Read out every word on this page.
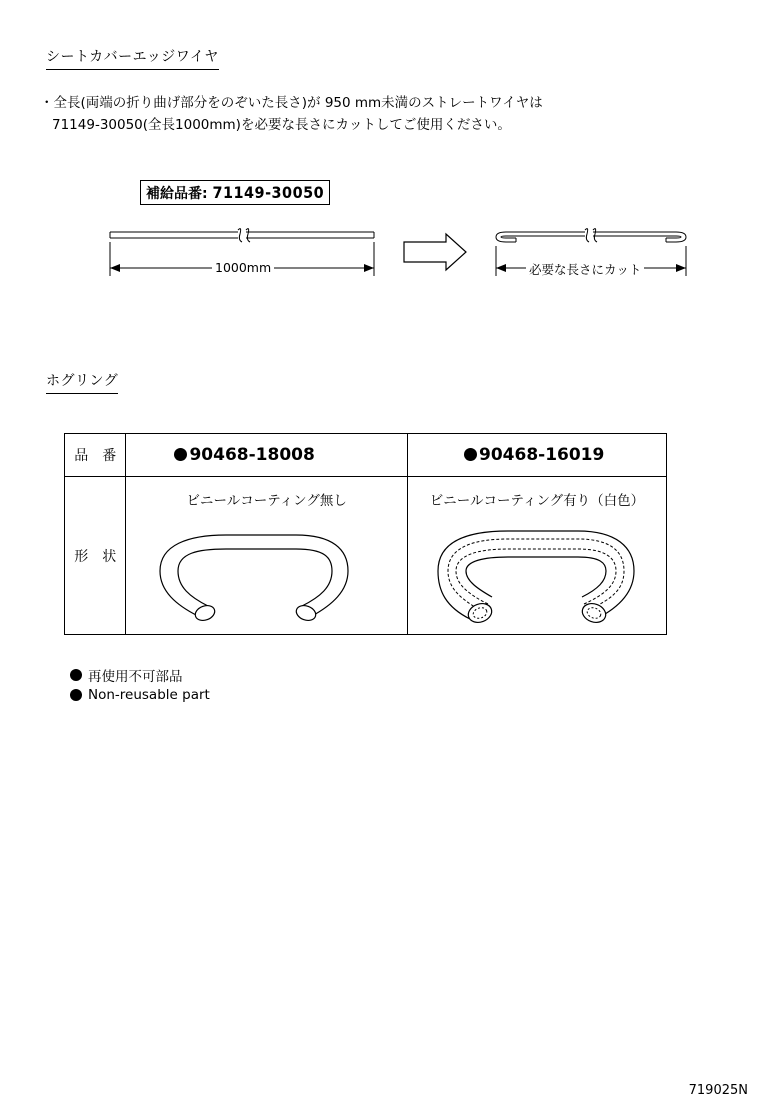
シートカバーエッジワイヤ
・全長(両端の折り曲げ部分をのぞいた長さ)が 950 mm未満のストレートワイヤは
71149-30050(全長1000mm)を必要な長さにカットしてご使用ください。
補給品番: 71149-30050
1000mm	必要な長さにカット
ホグリング
品　番	90468-18008	90468-16019
形　状	ビニールコーティング無し	ビニールコーティング有り（白色）
再使用不可部品
Non-reusable part
719025N
